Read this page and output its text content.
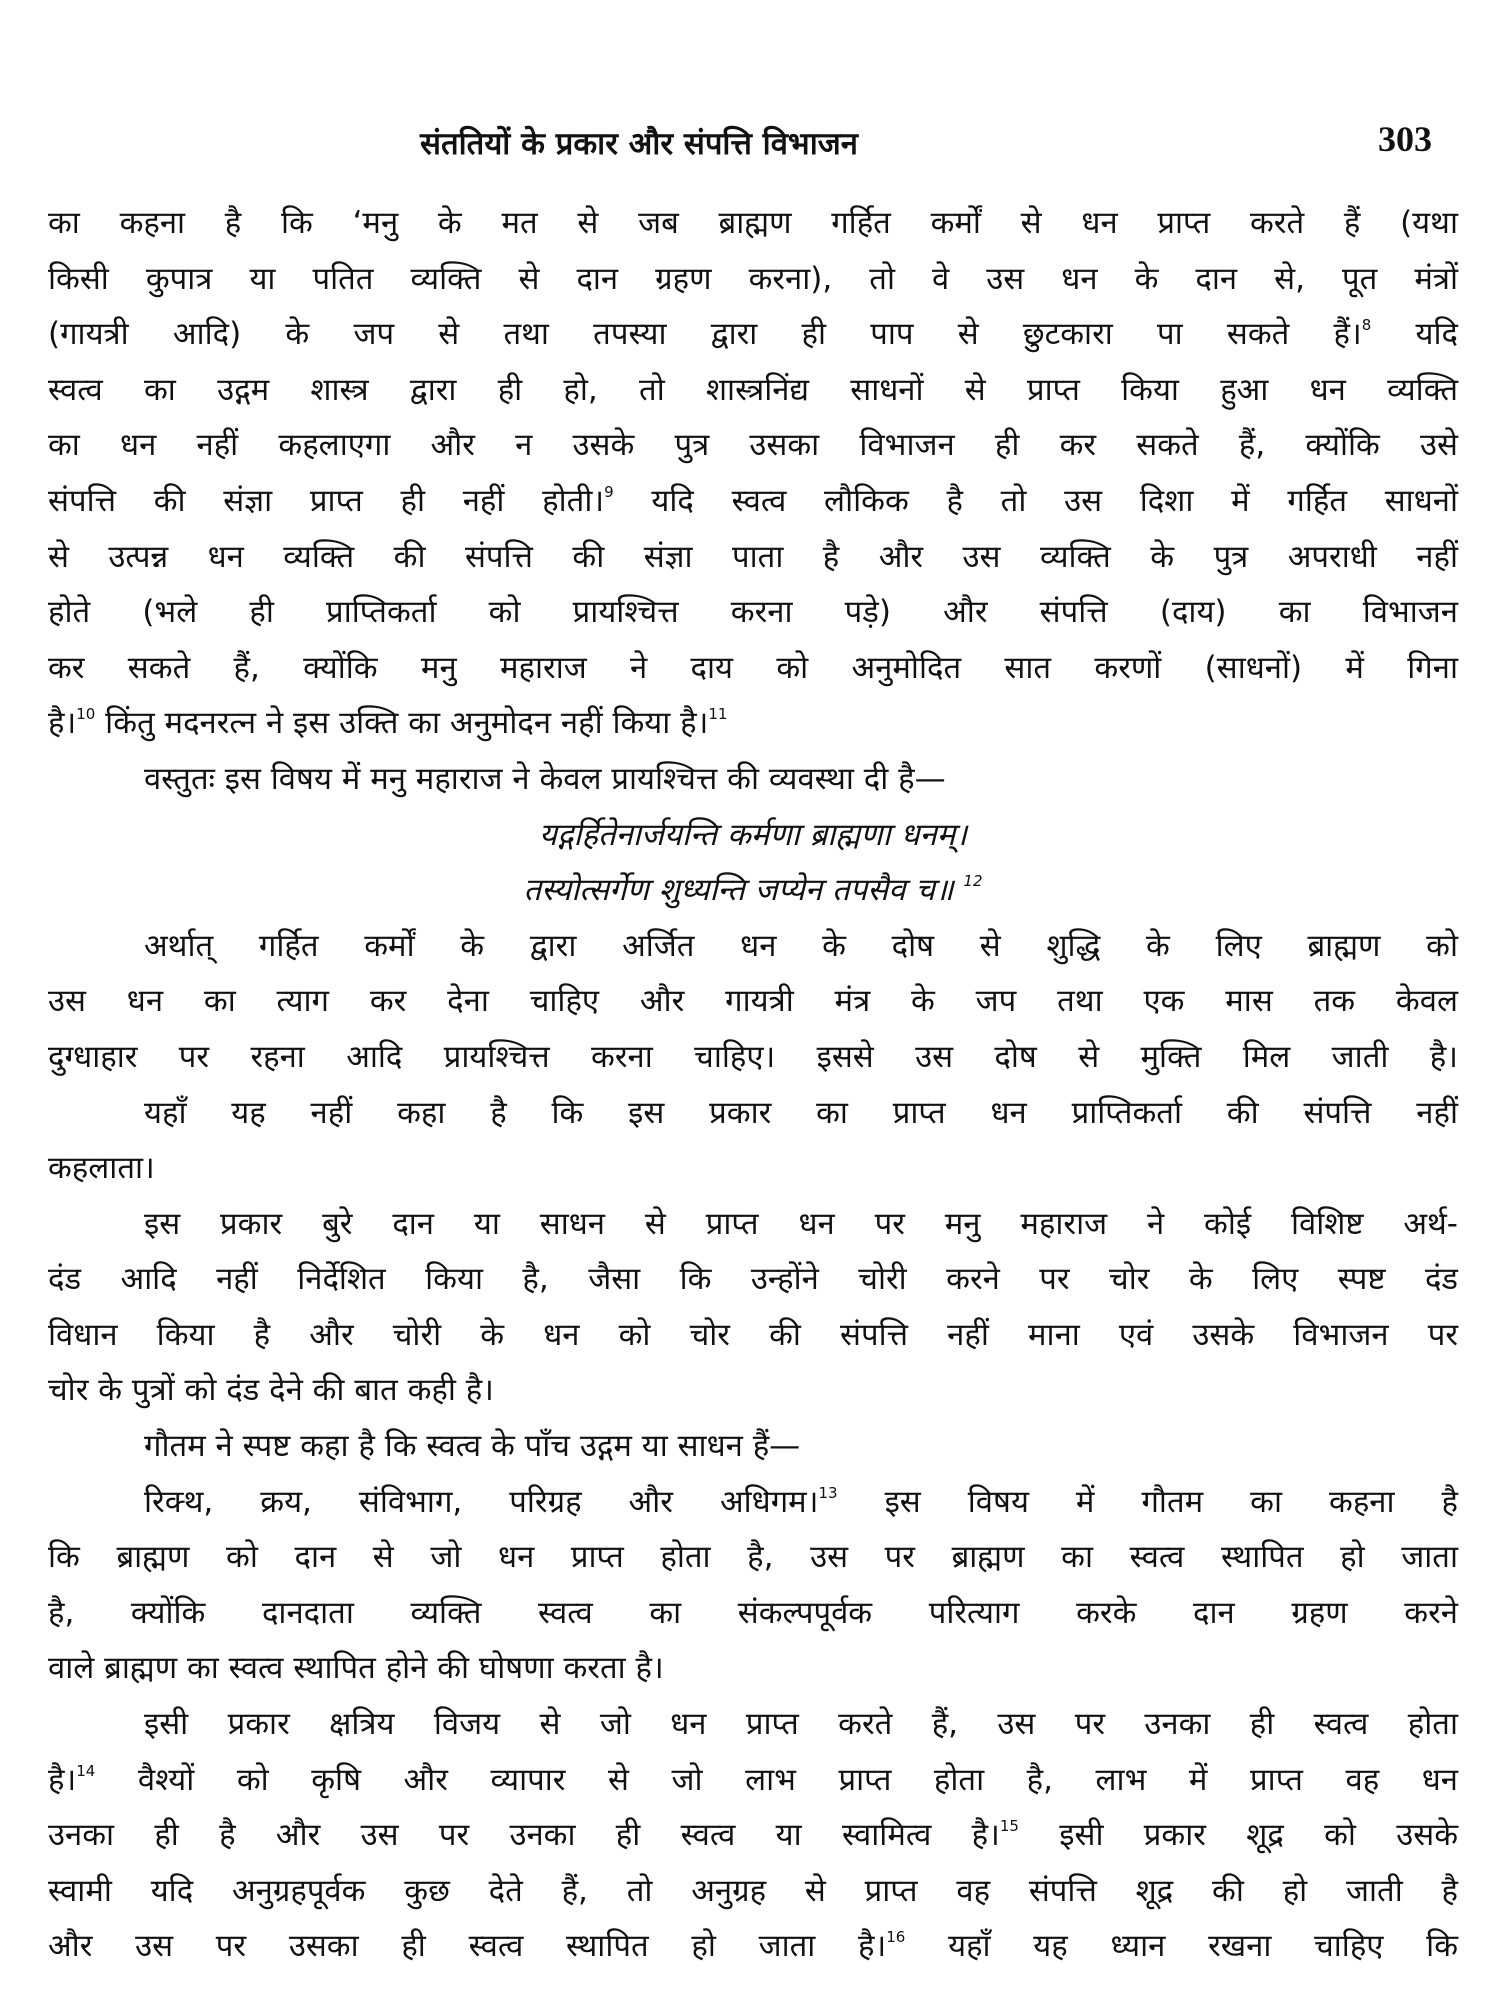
संततियों के प्रकार और संपत्ति विभाजन	303
का कहना है कि ‘मनु के मत से जब ब्राह्मण गर्हित कर्मों से धन प्राप्त करते हैं (यथा
किसी कुपात्र या पतित व्यक्ति से दान ग्रहण करना), तो वे उस धन के दान से, पूत मंत्रों
(गायत्री आदि) के जप से तथा तपस्या द्वारा ही पाप से छुटकारा पा सकते हैं।$^8$ यदि
स्वत्व का उद्गम शास्त्र द्वारा ही हो, तो शास्त्रनिंद्य साधनों से प्राप्त किया हुआ धन व्यक्ति
का धन नहीं कहलाएगा और न उसके पुत्र उसका विभाजन ही कर सकते हैं, क्योंकि उसे
संपत्ति की संज्ञा प्राप्त ही नहीं होती।$^9$ यदि स्वत्व लौकिक है तो उस दिशा में गर्हित साधनों
से उत्पन्न धन व्यक्ति की संपत्ति की संज्ञा पाता है और उस व्यक्ति के पुत्र अपराधी नहीं
होते (भले ही प्राप्तिकर्ता को प्रायश्चित्त करना पड़े) और संपत्ति (दाय) का विभाजन
कर सकते हैं, क्योंकि मनु महाराज ने दाय को अनुमोदित सात करणों (साधनों) में गिना
है।$^{10}$ किंतु मदनरत्न ने इस उक्ति का अनुमोदन नहीं किया है।$^{11}$
वस्तुतः इस विषय में मनु महाराज ने केवल प्रायश्चित्त की व्यवस्था दी है—
यद्गर्हितेनार्जयन्ति कर्मणा ब्राह्मणा धनम्।
तस्योत्सर्गेण शुध्यन्ति जप्येन तपसैव च॥ $^{12}$
अर्थात् गर्हित कर्मों के द्वारा अर्जित धन के दोष से शुद्धि के लिए ब्राह्मण को
उस धन का त्याग कर देना चाहिए और गायत्री मंत्र के जप तथा एक मास तक केवल
दुग्धाहार पर रहना आदि प्रायश्चित्त करना चाहिए। इससे उस दोष से मुक्ति मिल जाती है।
यहाँ यह नहीं कहा है कि इस प्रकार का प्राप्त धन प्राप्तिकर्ता की संपत्ति नहीं
कहलाता।
इस प्रकार बुरे दान या साधन से प्राप्त धन पर मनु महाराज ने कोई विशिष्ट अर्थ-
दंड आदि नहीं निर्देशित किया है, जैसा कि उन्होंने चोरी करने पर चोर के लिए स्पष्ट दंड
विधान किया है और चोरी के धन को चोर की संपत्ति नहीं माना एवं उसके विभाजन पर
चोर के पुत्रों को दंड देने की बात कही है।
गौतम ने स्पष्ट कहा है कि स्वत्व के पाँच उद्गम या साधन हैं—
रिक्थ, क्रय, संविभाग, परिग्रह और अधिगम।$^{13}$ इस विषय में गौतम का कहना है
कि ब्राह्मण को दान से जो धन प्राप्त होता है, उस पर ब्राह्मण का स्वत्व स्थापित हो जाता
है, क्योंकि दानदाता व्यक्ति स्वत्व का संकल्पपूर्वक परित्याग करके दान ग्रहण करने
वाले ब्राह्मण का स्वत्व स्थापित होने की घोषणा करता है।
इसी प्रकार क्षत्रिय विजय से जो धन प्राप्त करते हैं, उस पर उनका ही स्वत्व होता
है।$^{14}$ वैश्यों को कृषि और व्यापार से जो लाभ प्राप्त होता है, लाभ में प्राप्त वह धन
उनका ही है और उस पर उनका ही स्वत्व या स्वामित्व है।$^{15}$ इसी प्रकार शूद्र को उसके
स्वामी यदि अनुग्रहपूर्वक कुछ देते हैं, तो अनुग्रह से प्राप्त वह संपत्ति शूद्र की हो जाती है
और उस पर उसका ही स्वत्व स्थापित हो जाता है।$^{16}$ यहाँ यह ध्यान रखना चाहिए कि
